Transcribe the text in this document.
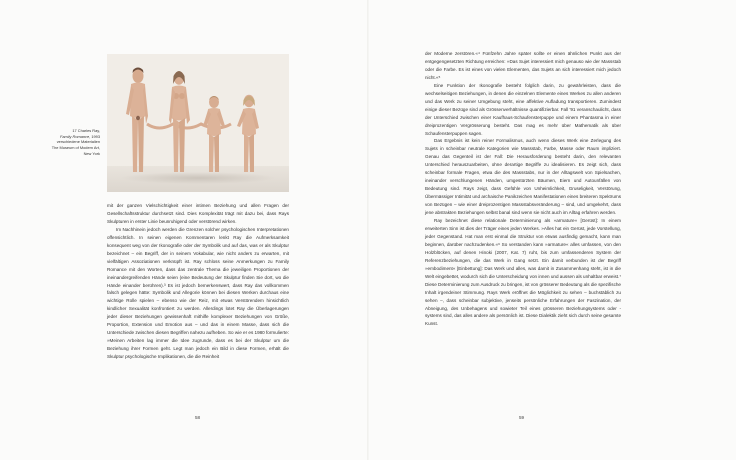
17 Charles Ray,
Family Romance, 1993
verschiedene Materialien
The Museum of Modern Art,
New York

mit der ganzen Vielschichtigkeit einer intimen Beziehung und allen Fragen der Gesellschaftsstruktur durchsetzt sind. Dies Komplexität trägt mit dazu bei, dass Rays Skulpturen in erster Linie beunruhigend oder verstörend wirken.

Im Nachhinein jedoch werden die Grenzen solcher psychologischen Interpretationen offensichtlich. In seinen eigenen Kommentaren lenkt Ray die Aufmerksamkeit konsequent weg von der Ikonografie oder der Symbolik und auf das, was er als Skulptur bezeichnet – ein Begriff, der in seinem Vokabular, wie nicht anders zu erwarten, mit vielfältigen Assoziationen verknüpft ist. Ray schloss seine Anmerkungen zu Family Romance mit den Worten, dass das zentrale Thema die jeweiligen Proportionen der ineinandergreifenden Hände seien (eine Bedeutung der Skulptur finden Sie dort, wo die Hände einander berühren).³ Es ist jedoch bemerkenswert, dass Ray das vollkommen falsch gelegen hätte: Symbolik und Allegorie können bei diesen Werken durchaus eine wichtige Rolle spielen – ebenso wie der Reiz, mit etwas Verstörendem hinsichtlich kindlicher Sexualität konfrontiert zu werden. Allerdings lotet Ray die Überlagerungen jeder dieser Beziehungen gewissenhaft mithilfe komplexer Beziehungen von Größe, Proportion, Extension und Emotion aus – und das in einem Masse, dass sich die Unterschiede zwischen diesen Begriffen nahezu aufheben. So wie er es 1980 formulierte: »Meinen Arbeiten lag immer die Idee zugrunde, dass es bei der Skulptur um die Beziehung ihrer Formen geht. Legt man jedoch ein Bild in diese Formen, erhält die Skulptur psychologische Implikationen, die die Reinheit

58

der Moderne zerstören.«⁴ Fünfzehn Jahre später sollte er einen ähnlichen Punkt aus der entgegengesetzten Richtung erreichen: »Das Sujet interessiert mich genauso wie der Massstab oder die Farbe. Es ist eines von vielen Elementen, das Sujets an sich interessiert mich jedoch nicht.«⁵

Eine Funktion der Ikonografie besteht folglich darin, zu gewährleisten, dass die wechselseitigen Beziehungen, in denen die einzelnen Elemente eines Werkes zu allen anderen und das Werk zu seiner Umgebung steht, eine affektive Aufladung transportieren. Zumindest einige dieser Bezüge sind als Grössenverhältnisse quantifizierbar. Fall '91 veranschaulicht, dass der Unterschied zwischen einer Kaufhaus-Schaufensterpuppe und einem Phantasma in einer dreiprozentigen Vergrösserung besteht. Das mag es mehr über Mathematik als über Schaufensterpuppen sagen.

Das Ergebnis ist kein reiner Formalismus, auch wenn dieses Werk eine Zerlegung des Sujets in scheinbar neutrale Kategorien wie Massstab, Farbe, Masse oder Raum impliziert. Genau das Gegenteil ist der Fall: Die Herausforderung besteht darin, den relevanten Unterschied herauszuarbeiten, ohne derartige Begriffe zu idealisieren. Es zeigt sich, dass scheinbar formale Fragen, etwa die des Massstabs, nur in der Alltagswelt von Spielsachen, ineinander verschlungenen Händen, umgestürzten Bäumen, Eiern und Autounfällen von Bedeutung sind. Rays zeigt, dass Gefühle von Unheimlichkeit, Gruseligkeit, Verstörung, Übermässiger Intimität und archaische Panikzeichen Manifestationen eines breiteren Spektrums von Bezügen – wie einer dreiprozentigen Massstabsveränderung – sind, und umgekehrt, dass jene abstrakten Beziehungen selbst banal sind wenn sie nicht auch im Alltag erfahren werden.

Ray bezeichnet diese relationale Determinierung als »armature« [Gerüst]: In einem erweiterten Sinn ist dies der Träger eines jeden Werkes. »Alles hat ein Gerüst, jede Vorstellung, jeder Gegenstand. Hat man erst einmal die Struktur von etwas ausfindig gemacht, kann man beginnen, darüber nachzudenken.«⁶ So verstanden kann »armature« alles umfassen, von den Holzblöcken, auf denen Hinoki (2007, Kat. 7) ruht, bis zum umfassenderen System der Referenzbeziehungen, die das Werk in Gang setzt. Ein damit verbunden ist der Begriff »embodiment« [Einbettung]: Das Werk und alles, was damit in Zusammenhang steht, ist in die Welt eingebettet, wodurch sich die Unterscheidung von innen und aussen als unhaltbar erweist.⁷ Diese Determinierung zum Ausdruck zu bringen, ist von grösserer Bedeutung als die spezifische Inhalt irgendeiner Stimmung. Rays Werk eröffnet die Möglichkeit zu sehen – buchstäblich zu sehen –, dass scheinbar subjektive, jenseits persönliche Erfahrungen der Faszination, der Abneigung, des Unbehagens und sowieter Teil eines grösseren Beziehungsystems oder -systems sind, das alles andere als persönlich ist. Diese Dialektik zieht sich durch seine gesamte Kunst.

59
